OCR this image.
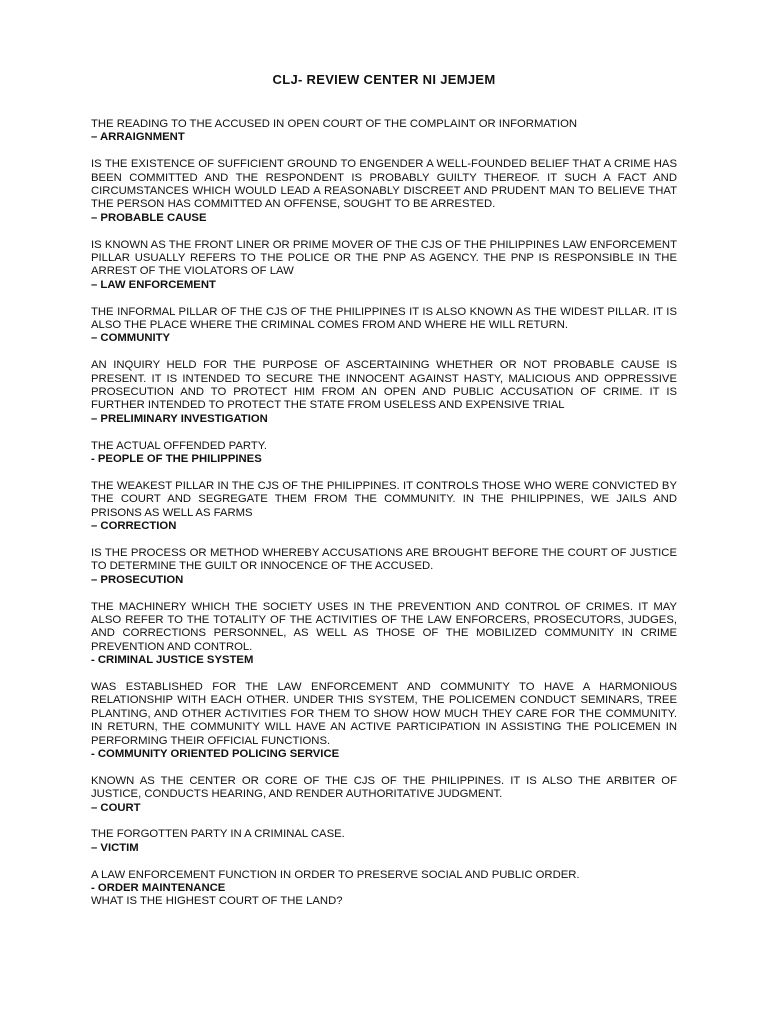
CLJ- REVIEW CENTER NI JEMJEM

THE READING TO THE ACCUSED IN OPEN COURT OF THE COMPLAINT OR INFORMATION

– ARRAIGNMENT

IS THE EXISTENCE OF SUFFICIENT GROUND TO ENGENDER A WELL-FOUNDED BELIEF THAT A CRIME HAS BEEN COMMITTED AND THE RESPONDENT IS PROBABLY GUILTY THEREOF. IT SUCH A FACT AND CIRCUMSTANCES WHICH WOULD LEAD A REASONABLY DISCREET AND PRUDENT MAN TO BELIEVE THAT THE PERSON HAS COMMITTED AN OFFENSE, SOUGHT TO BE ARRESTED.

– PROBABLE CAUSE

IS KNOWN AS THE FRONT LINER OR PRIME MOVER OF THE CJS OF THE PHILIPPINES LAW ENFORCEMENT PILLAR USUALLY REFERS TO THE POLICE OR THE PNP AS AGENCY. THE PNP IS RESPONSIBLE IN THE ARREST OF THE VIOLATORS OF LAW

– LAW ENFORCEMENT

THE INFORMAL PILLAR OF THE CJS OF THE PHILIPPINES IT IS ALSO KNOWN AS THE WIDEST PILLAR. IT IS ALSO THE PLACE WHERE THE CRIMINAL COMES FROM AND WHERE HE WILL RETURN.

– COMMUNITY

AN INQUIRY HELD FOR THE PURPOSE OF ASCERTAINING WHETHER OR NOT PROBABLE CAUSE IS PRESENT. IT IS INTENDED TO SECURE THE INNOCENT AGAINST HASTY, MALICIOUS AND OPPRESSIVE PROSECUTION AND TO PROTECT HIM FROM AN OPEN AND PUBLIC ACCUSATION OF CRIME. IT IS FURTHER INTENDED TO PROTECT THE STATE FROM USELESS AND EXPENSIVE TRIAL

– PRELIMINARY INVESTIGATION

THE ACTUAL OFFENDED PARTY.

- PEOPLE OF THE PHILIPPINES

THE WEAKEST PILLAR IN THE CJS OF THE PHILIPPINES. IT CONTROLS THOSE WHO WERE CONVICTED BY THE COURT AND SEGREGATE THEM FROM THE COMMUNITY. IN THE PHILIPPINES, WE JAILS AND PRISONS AS WELL AS FARMS

– CORRECTION

IS THE PROCESS OR METHOD WHEREBY ACCUSATIONS ARE BROUGHT BEFORE THE COURT OF JUSTICE TO DETERMINE THE GUILT OR INNOCENCE OF THE ACCUSED.

– PROSECUTION

THE MACHINERY WHICH THE SOCIETY USES IN THE PREVENTION AND CONTROL OF CRIMES. IT MAY ALSO REFER TO THE TOTALITY OF THE ACTIVITIES OF THE LAW ENFORCERS, PROSECUTORS, JUDGES, AND CORRECTIONS PERSONNEL, AS WELL AS THOSE OF THE MOBILIZED COMMUNITY IN CRIME PREVENTION AND CONTROL.

- CRIMINAL JUSTICE SYSTEM

WAS ESTABLISHED FOR THE LAW ENFORCEMENT AND COMMUNITY TO HAVE A HARMONIOUS RELATIONSHIP WITH EACH OTHER. UNDER THIS SYSTEM, THE POLICEMEN CONDUCT SEMINARS, TREE PLANTING, AND OTHER ACTIVITIES FOR THEM TO SHOW HOW MUCH THEY CARE FOR THE COMMUNITY. IN RETURN, THE COMMUNITY WILL HAVE AN ACTIVE PARTICIPATION IN ASSISTING THE POLICEMEN IN PERFORMING THEIR OFFICIAL FUNCTIONS.

- COMMUNITY ORIENTED POLICING SERVICE

KNOWN AS THE CENTER OR CORE OF THE CJS OF THE PHILIPPINES. IT IS ALSO THE ARBITER OF JUSTICE, CONDUCTS HEARING, AND RENDER AUTHORITATIVE JUDGMENT.

– COURT

THE FORGOTTEN PARTY IN A CRIMINAL CASE.

– VICTIM

A LAW ENFORCEMENT FUNCTION IN ORDER TO PRESERVE SOCIAL AND PUBLIC ORDER.

- ORDER MAINTENANCE

WHAT IS THE HIGHEST COURT OF THE LAND?
